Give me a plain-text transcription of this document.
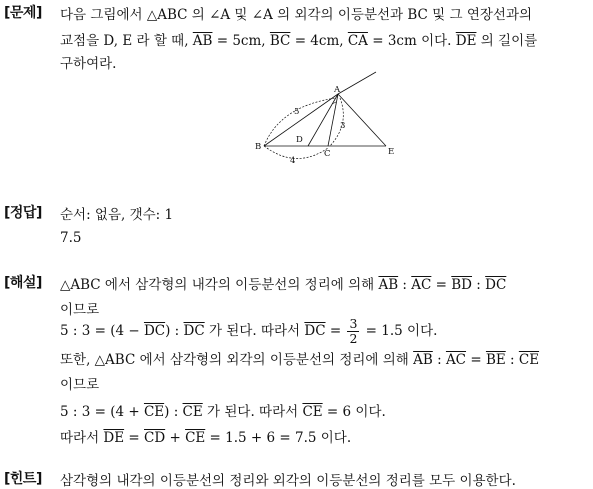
[문제] 다음 그림에서 △ABC 의 ∠A 및 ∠A 의 외각의 이등분선과 BC 및 그 연장선과의
교점을 D, E 라 할 때, $\overline{AB} = 5cm$, $\overline{BC} = 4cm$, $\overline{CA} = 3cm$ 이다. $\overline{DE}$ 의 길이를
구하여라.
A
B
C
D
E
5
4
3
[정답] 순서: 없음, 갯수: 1
7.5
[해설] △ABC 에서 삼각형의 내각의 이등분선의 정리에 의해 $\overline{AB}$ : $\overline{AC} = \overline{BD}$ : $\overline{DC}$
이므로
5 : $3 = (4 - \overline{DC})$ : $\overline{DC}$ 가 된다. 따라서 $\overline{DC} = \frac{3}{2} = 1.5$ 이다.
또한, △ABC 에서 삼각형의 외각의 이등분선의 정리에 의해 $\overline{AB}$ : $\overline{AC} = \overline{BE}$ : $\overline{CE}$
이므로
5 : $3 = (4 + \overline{CE})$ : $\overline{CE}$ 가 된다. 따라서 $\overline{CE} = 6$ 이다.
따라서 $\overline{DE} = \overline{CD} + \overline{CE} = 1.5 + 6 = 7.5$ 이다.
[힌트] 삼각형의 내각의 이등분선의 정리와 외각의 이등분선의 정리를 모두 이용한다.
